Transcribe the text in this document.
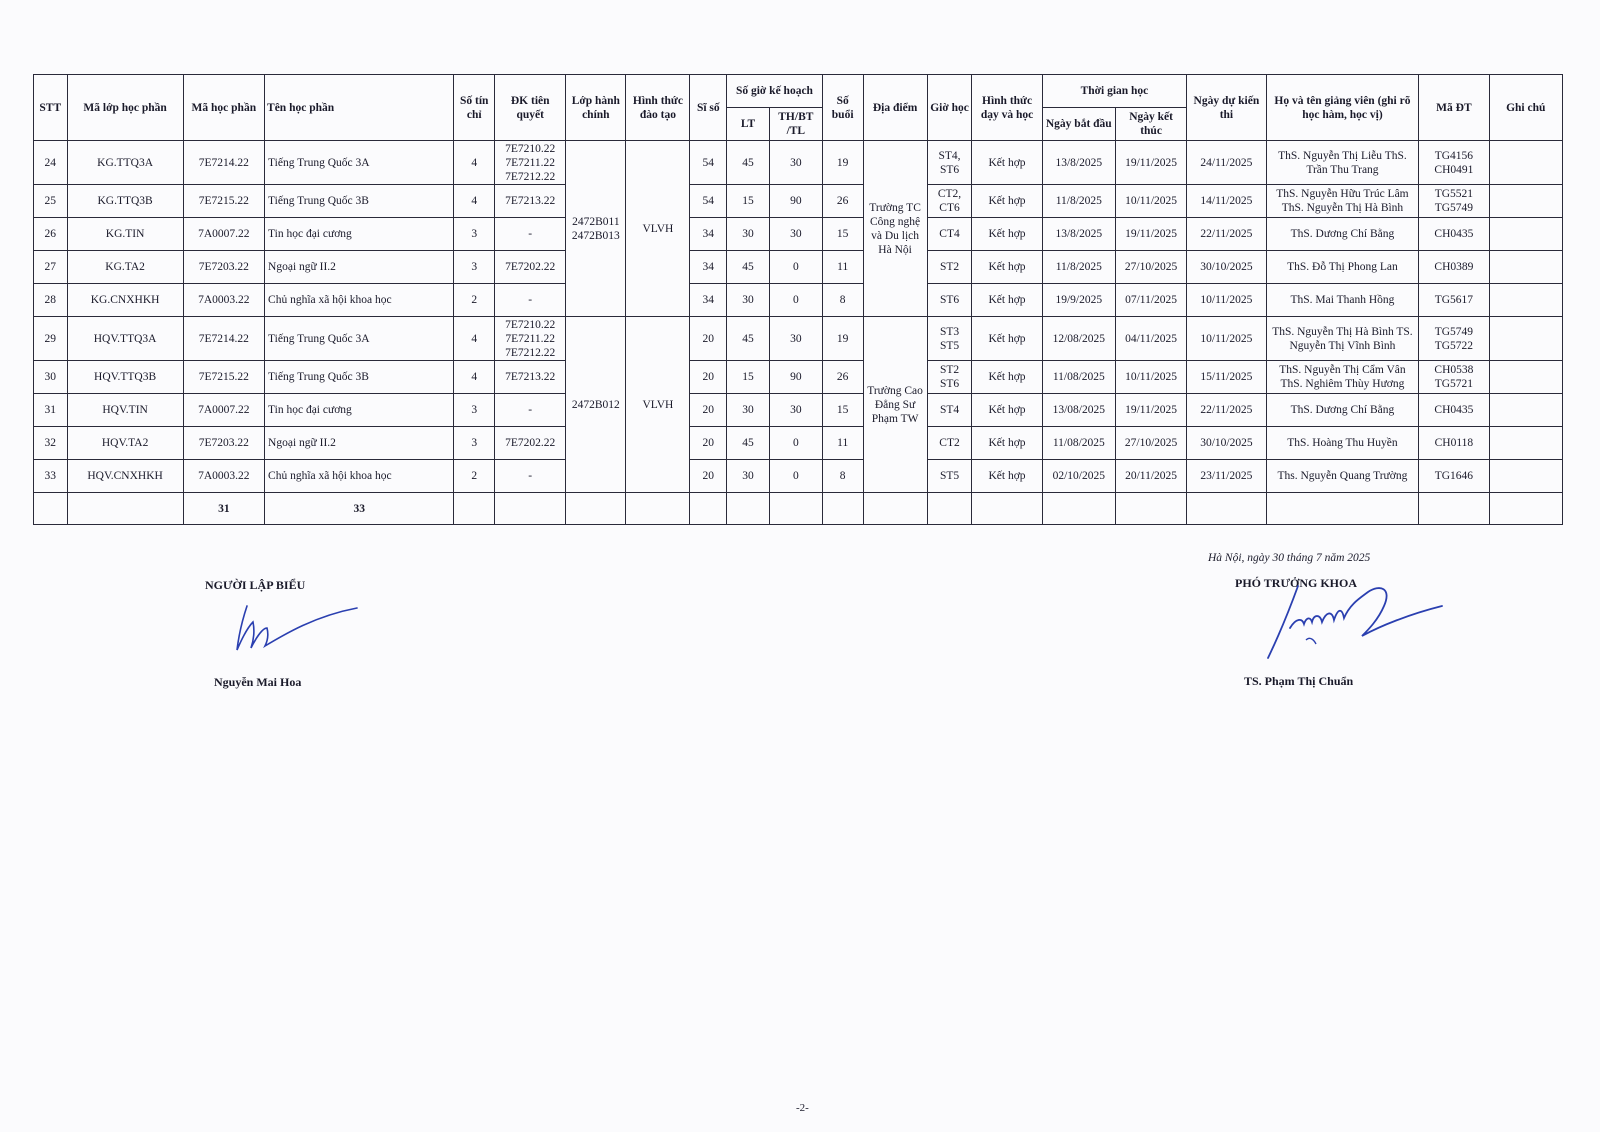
STT	Mã lớp học phần	Mã học phần	Tên học phần	Số tín chỉ	ĐK tiên quyết	Lớp hành chính	Hình thức đào tạo	Sĩ số	Số giờ kế hoạch		Số buổi	Địa điểm	Giờ học	Hình thức dạy và học	Thời gian học		Ngày dự kiến thi	Họ và tên giảng viên (ghi rõ học hàm, học vị)	Mã ĐT	Ghi chú
									LT	TH/BT /TL					Ngày bắt đầu	Ngày kết thúc				
24	KG.TTQ3A	7E7214.22	Tiếng Trung Quốc 3A	4	7E7210.22 7E7211.22 7E7212.22	2472B011 2472B013	VLVH	54	45	30	19	Trường TC Công nghệ và Du lịch Hà Nội	ST4, ST6	Kết hợp	13/8/2025	19/11/2025	24/11/2025	ThS. Nguyễn Thị Liễu ThS. Trần Thu Trang	TG4156 CH0491	
25	KG.TTQ3B	7E7215.22	Tiếng Trung Quốc 3B	4	7E7213.22			54	15	90	26		CT2, CT6	Kết hợp	11/8/2025	10/11/2025	14/11/2025	ThS. Nguyễn Hữu Trúc Lâm ThS. Nguyễn Thị Hà Bình	TG5521 TG5749	
26	KG.TIN	7A0007.22	Tin học đại cương	3	-			34	30	30	15		CT4	Kết hợp	13/8/2025	19/11/2025	22/11/2025	ThS. Dương Chí Bằng	CH0435	
27	KG.TA2	7E7203.22	Ngoại ngữ II.2	3	7E7202.22			34	45	0	11		ST2	Kết hợp	11/8/2025	27/10/2025	30/10/2025	ThS. Đỗ Thị Phong Lan	CH0389	
28	KG.CNXHKH	7A0003.22	Chủ nghĩa xã hội khoa học	2	-			34	30	0	8		ST6	Kết hợp	19/9/2025	07/11/2025	10/11/2025	ThS. Mai Thanh Hồng	TG5617	
29	HQV.TTQ3A	7E7214.22	Tiếng Trung Quốc 3A	4	7E7210.22 7E7211.22 7E7212.22	2472B012	VLVH	20	45	30	19	Trường Cao Đẳng Sư Phạm TW	ST3 ST5	Kết hợp	12/08/2025	04/11/2025	10/11/2025	ThS. Nguyễn Thị Hà Bình TS. Nguyễn Thị Vĩnh Bình	TG5749 TG5722	
30	HQV.TTQ3B	7E7215.22	Tiếng Trung Quốc 3B	4	7E7213.22			20	15	90	26		ST2 ST6	Kết hợp	11/08/2025	10/11/2025	15/11/2025	ThS. Nguyễn Thị Cẩm Vân ThS. Nghiêm Thùy Hương	CH0538 TG5721	
31	HQV.TIN	7A0007.22	Tin học đại cương	3	-			20	30	30	15		ST4	Kết hợp	13/08/2025	19/11/2025	22/11/2025	ThS. Dương Chí Bằng	CH0435	
32	HQV.TA2	7E7203.22	Ngoại ngữ II.2	3	7E7202.22			20	45	0	11		CT2	Kết hợp	11/08/2025	27/10/2025	30/10/2025	ThS. Hoàng Thu Huyền	CH0118	
33	HQV.CNXHKH	7A0003.22	Chủ nghĩa xã hội khoa học	2	-			20	30	0	8		ST5	Kết hợp	02/10/2025	20/11/2025	23/11/2025	Ths. Nguyễn Quang Trường	TG1646	
		31	33																	
NGƯỜI LẬP BIỂU
Nguyễn Mai Hoa
Hà Nội, ngày 30 tháng 7 năm 2025
PHÓ TRƯỞNG KHOA
TS. Phạm Thị Chuẩn
-2-
